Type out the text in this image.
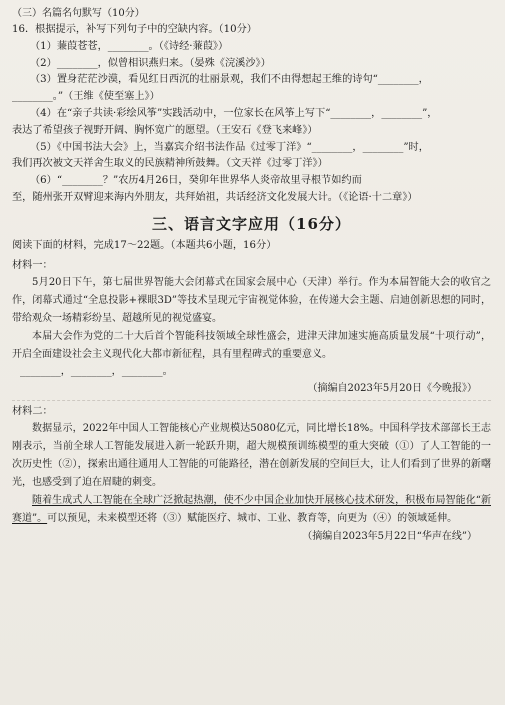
（三）名篇名句默写（10分）
16．根据提示，补写下列句子中的空缺内容。（10分）
（1）蒹葭苍苍，________。（《诗经·蒹葭》）
（2）________，似曾相识燕归来。（晏殊《浣溪沙》）
（3）置身茫茫沙漠，看见红日西沉的壮丽景观，我们不由得想起王维的诗句“________，
________。”（王维《使至塞上》）
（4）在“亲子共读·彩绘风筝”实践活动中，一位家长在风筝上写下“________，________”，
表达了希望孩子视野开阔、胸怀宽广的愿望。（王安石《登飞来峰》）
（5）《中国书法大会》上，当嘉宾介绍书法作品《过零丁洋》“________，________”时，
我们再次被文天祥舍生取义的民族精神所鼓舞。（文天祥《过零丁洋》）
（6）“________？”农历4月26日，癸卯年世界华人炎帝故里寻根节如约而
至，随州张开双臂迎来海内外朋友，共拜始祖，共话经济文化发展大计。（《论语·十二章》）
三、语言文字应用（16分）
阅读下面的材料，完成17～22题。（本题共6小题，16分）
材料一：
5月20日下午，第七届世界智能大会闭幕式在国家会展中心（天津）举行。作为本届智能大会的收官之作，闭幕式通过“全息投影+裸眼3D”等技术呈现元宇宙视觉体验，在传递大会主题、启迪创新思想的同时，带给观众一场精彩纷呈、超越所见的视觉盛宴。
本届大会作为党的二十大后首个智能科技领域全球性盛会，进津天津加速实施高质量发展“十项行动”，开启全面建设社会主义现代化大都市新征程，具有里程碑式的重要意义。
________，________，________。
（摘编自2023年5月20日《今晚报》）
材料二：
数据显示，2022年中国人工智能核心产业规模达5080亿元，同比增长18%。中国科学技术部部长王志刚表示，当前全球人工智能发展进入新一轮跃升期，超大规模预训练模型的重大突破（①）了人工智能的一次历史性（②），探索出通往通用人工智能的可能路径，潜在创新发展的空间巨大，让人们看到了世界的新曙光，也感受到了迫在眉睫的刺变。
随着生成式人工智能在全球广泛掀起热潮，使不少中国企业加快开展核心技术研发，积极布局智能化“新赛道”。可以预见，未来模型还将（③）赋能医疗、城市、工业、教育等，向更为（④）的领域延伸。
（摘编自2023年5月22日“华声在线”）
